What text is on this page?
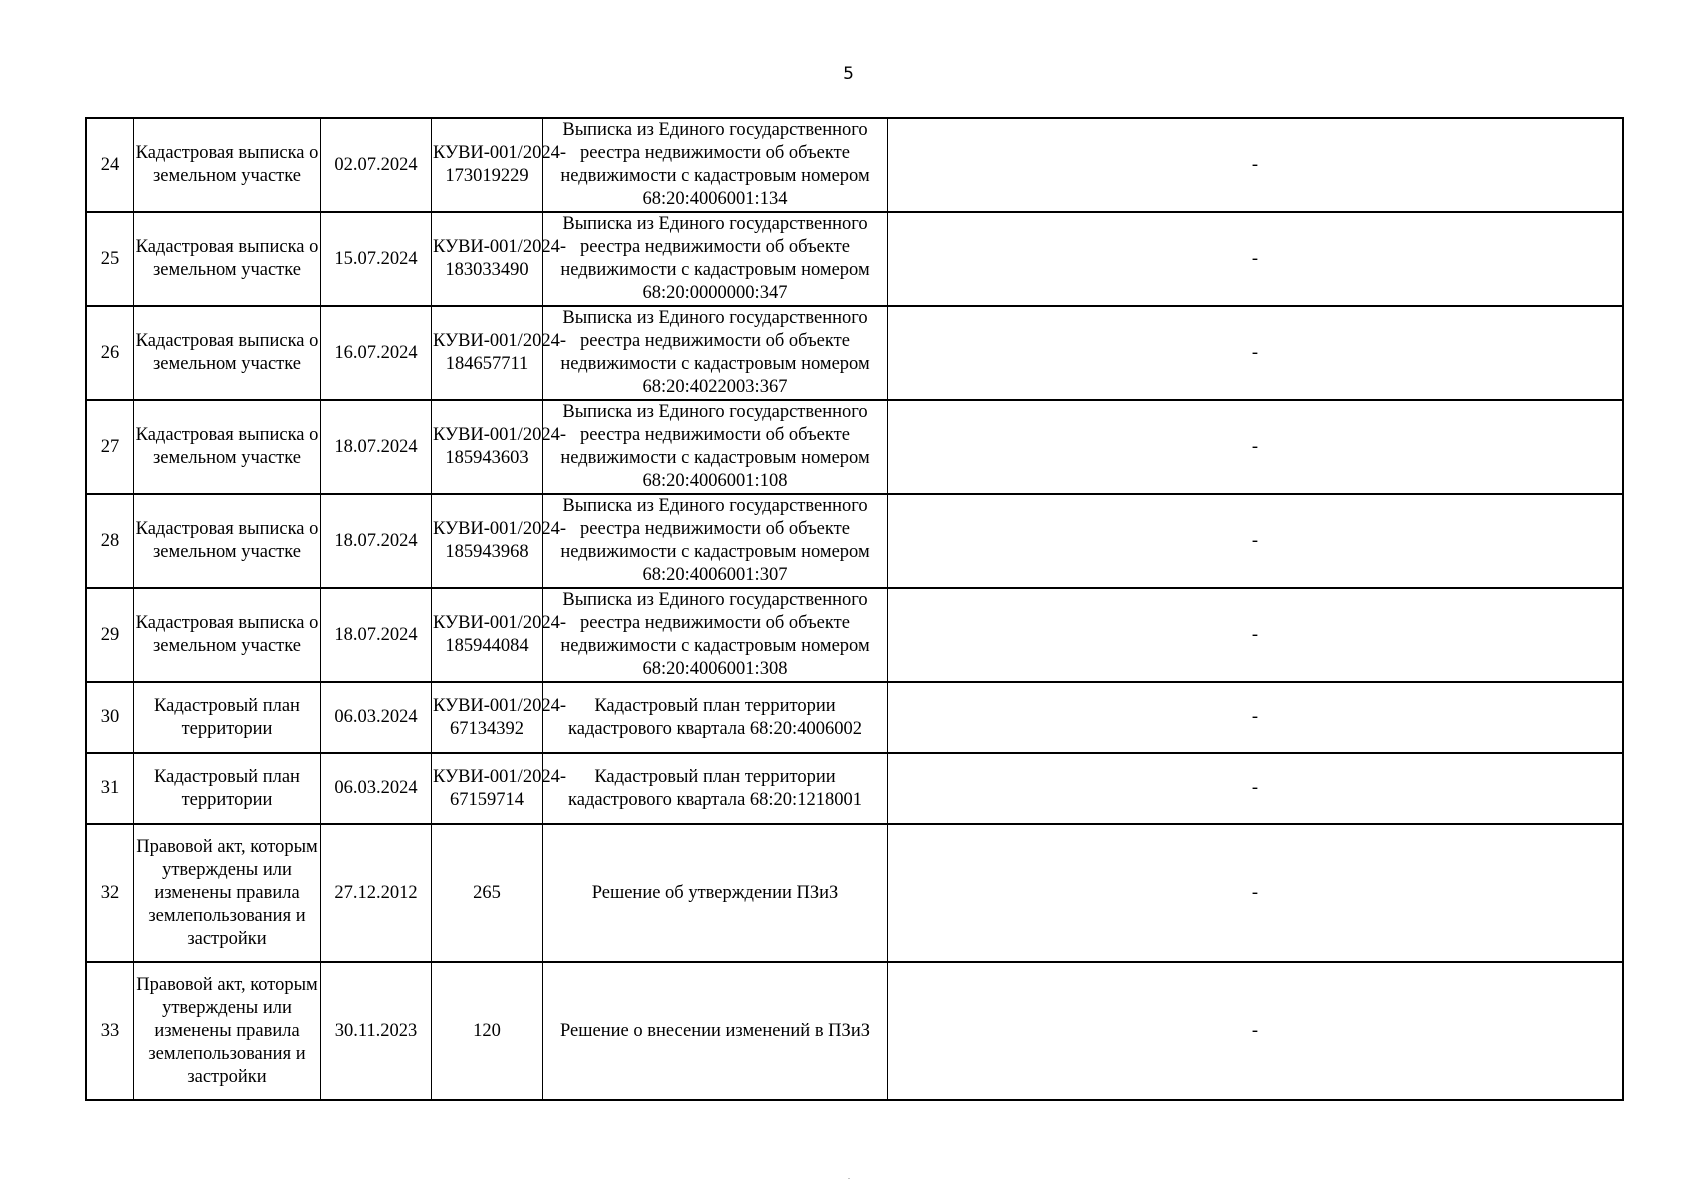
5
24	Кадастровая выписка о земельном участке	02.07.2024	КУВИ-001/2024-173019229	Выписка из Единого государственного реестра недвижимости об объекте недвижимости с кадастровым номером 68:20:4006001:134	-
25	Кадастровая выписка о земельном участке	15.07.2024	КУВИ-001/2024-183033490	Выписка из Единого государственного реестра недвижимости об объекте недвижимости с кадастровым номером 68:20:0000000:347	-
26	Кадастровая выписка о земельном участке	16.07.2024	КУВИ-001/2024-184657711	Выписка из Единого государственного реестра недвижимости об объекте недвижимости с кадастровым номером 68:20:4022003:367	-
27	Кадастровая выписка о земельном участке	18.07.2024	КУВИ-001/2024-185943603	Выписка из Единого государственного реестра недвижимости об объекте недвижимости с кадастровым номером 68:20:4006001:108	-
28	Кадастровая выписка о земельном участке	18.07.2024	КУВИ-001/2024-185943968	Выписка из Единого государственного реестра недвижимости об объекте недвижимости с кадастровым номером 68:20:4006001:307	-
29	Кадастровая выписка о земельном участке	18.07.2024	КУВИ-001/2024-185944084	Выписка из Единого государственного реестра недвижимости об объекте недвижимости с кадастровым номером 68:20:4006001:308	-
30	Кадастровый план территории	06.03.2024	КУВИ-001/2024-67134392	Кадастровый план территории кадастрового квартала 68:20:4006002	-
31	Кадастровый план территории	06.03.2024	КУВИ-001/2024-67159714	Кадастровый план территории кадастрового квартала 68:20:1218001	-
32	Правовой акт, которым утверждены или изменены правила землепользования и застройки	27.12.2012	265	Решение об утверждении ПЗиЗ	-
33	Правовой акт, которым утверждены или изменены правила землепользования и застройки	30.11.2023	120	Решение о внесении изменений в ПЗиЗ	-
.
